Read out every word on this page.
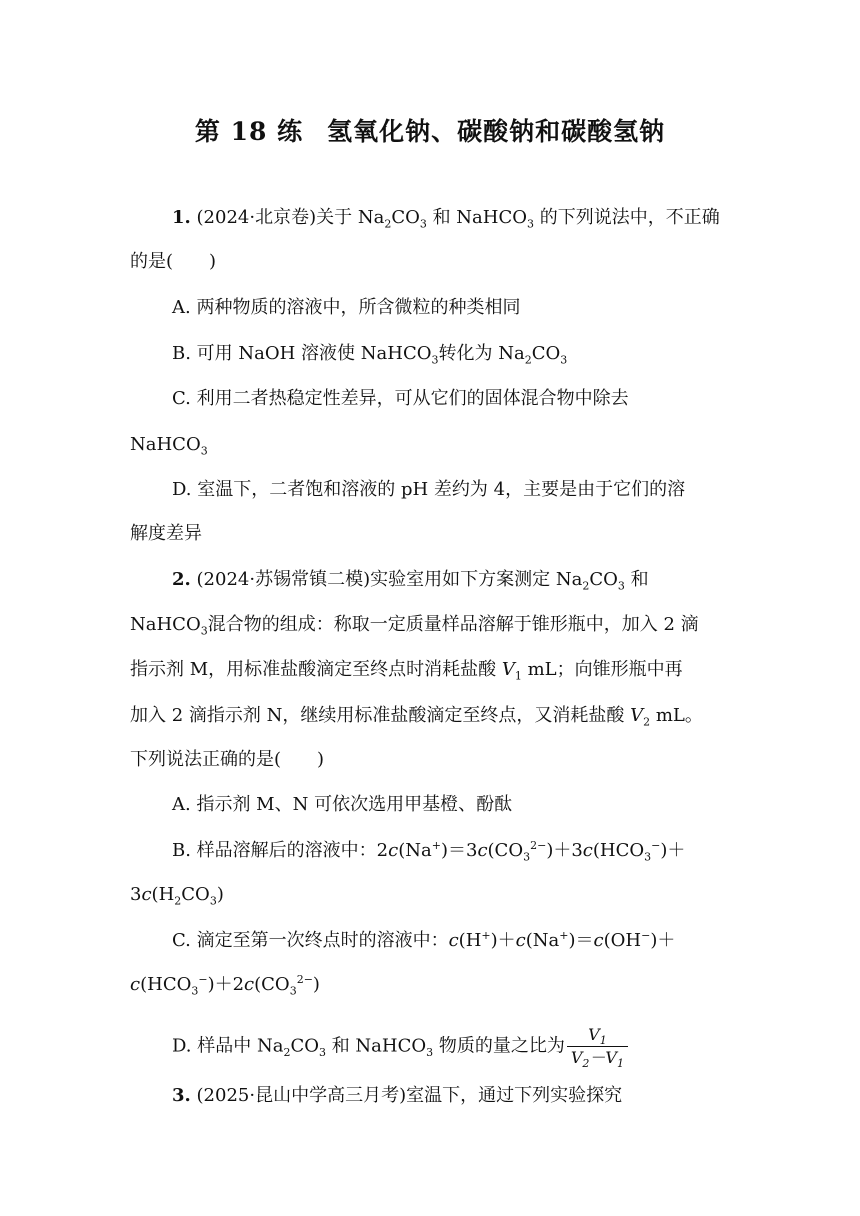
第 18 练 氢氧化钠、碳酸钠和碳酸氢钠
1. (2024·北京卷)关于 $Na_2CO_3$ 和 NaHCO$_3$ 的下列说法中，不正确
的是(　　)
A. 两种物质的溶液中，所含微粒的种类相同
B. 可用 NaOH 溶液使 NaHCO$_3$转化为 $Na_2CO_3$
C. 利用二者热稳定性差异，可从它们的固体混合物中除去
NaHCO$_3$
D. 室温下，二者饱和溶液的 pH 差约为 4，主要是由于它们的溶
解度差异
2. (2024·苏锡常镇二模)实验室用如下方案测定 $Na_2CO_3$ 和
NaHCO$_3$混合物的组成：称取一定质量样品溶解于锥形瓶中，加入 2 滴
指示剂 M，用标准盐酸滴定至终点时消耗盐酸 $V_1$ mL；向锥形瓶中再
加入 2 滴指示剂 N，继续用标准盐酸滴定至终点，又消耗盐酸 $V_2$ mL。
下列说法正确的是(　　)
A. 指示剂 M、N 可依次选用甲基橙、酚酞
B. 样品溶解后的溶液中：$2c(Na^+)=3c(CO_3^{2-})+3c(HCO_3^-)+$
$3c(H_2CO_3)$
C. 滴定至第一次终点时的溶液中：c(H+)＋c(Na+)＝c(OH−)＋
$c(HCO_3^-)+2c(CO_3^{2-})$
D. 样品中 $Na_2CO_3$ 和 NaHCO$_3$ 物质的量之比为 $\frac{V_1}{V_2-V_1}$
3. (2025·昆山中学高三月考)室温下，通过下列实验探究
